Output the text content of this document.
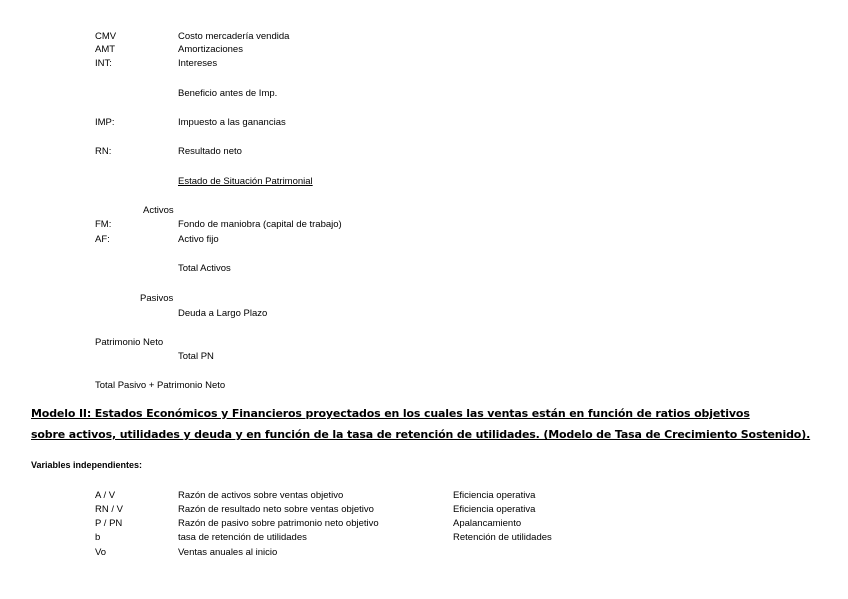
CMV	Costo mercadería vendida
AMT	Amortizaciones
INT:	Intereses
Beneficio antes de Imp.
IMP:	Impuesto a las ganancias
RN:	Resultado neto
Estado de Situación Patrimonial
Activos
FM:	Fondo de maniobra (capital de trabajo)
AF:	Activo fijo
Total Activos
Pasivos
Deuda a Largo Plazo
Patrimonio Neto
Total PN
Total Pasivo + Patrimonio Neto
Modelo II: Estados Económicos y Financieros proyectados en los cuales las ventas están en función de ratios objetivos
sobre activos, utilidades y deuda y en función de la tasa de retención de utilidades. (Modelo de Tasa de Crecimiento Sostenido).
Variables independientes:
A / V	Razón de activos sobre ventas objetivo	Eficiencia operativa
RN / V	Razón de resultado neto sobre ventas objetivo	Eficiencia operativa
P / PN	Razón de pasivo sobre patrimonio neto objetivo	Apalancamiento
b	tasa de retención de utilidades	Retención de utilidades
Vo	Ventas anuales al inicio
